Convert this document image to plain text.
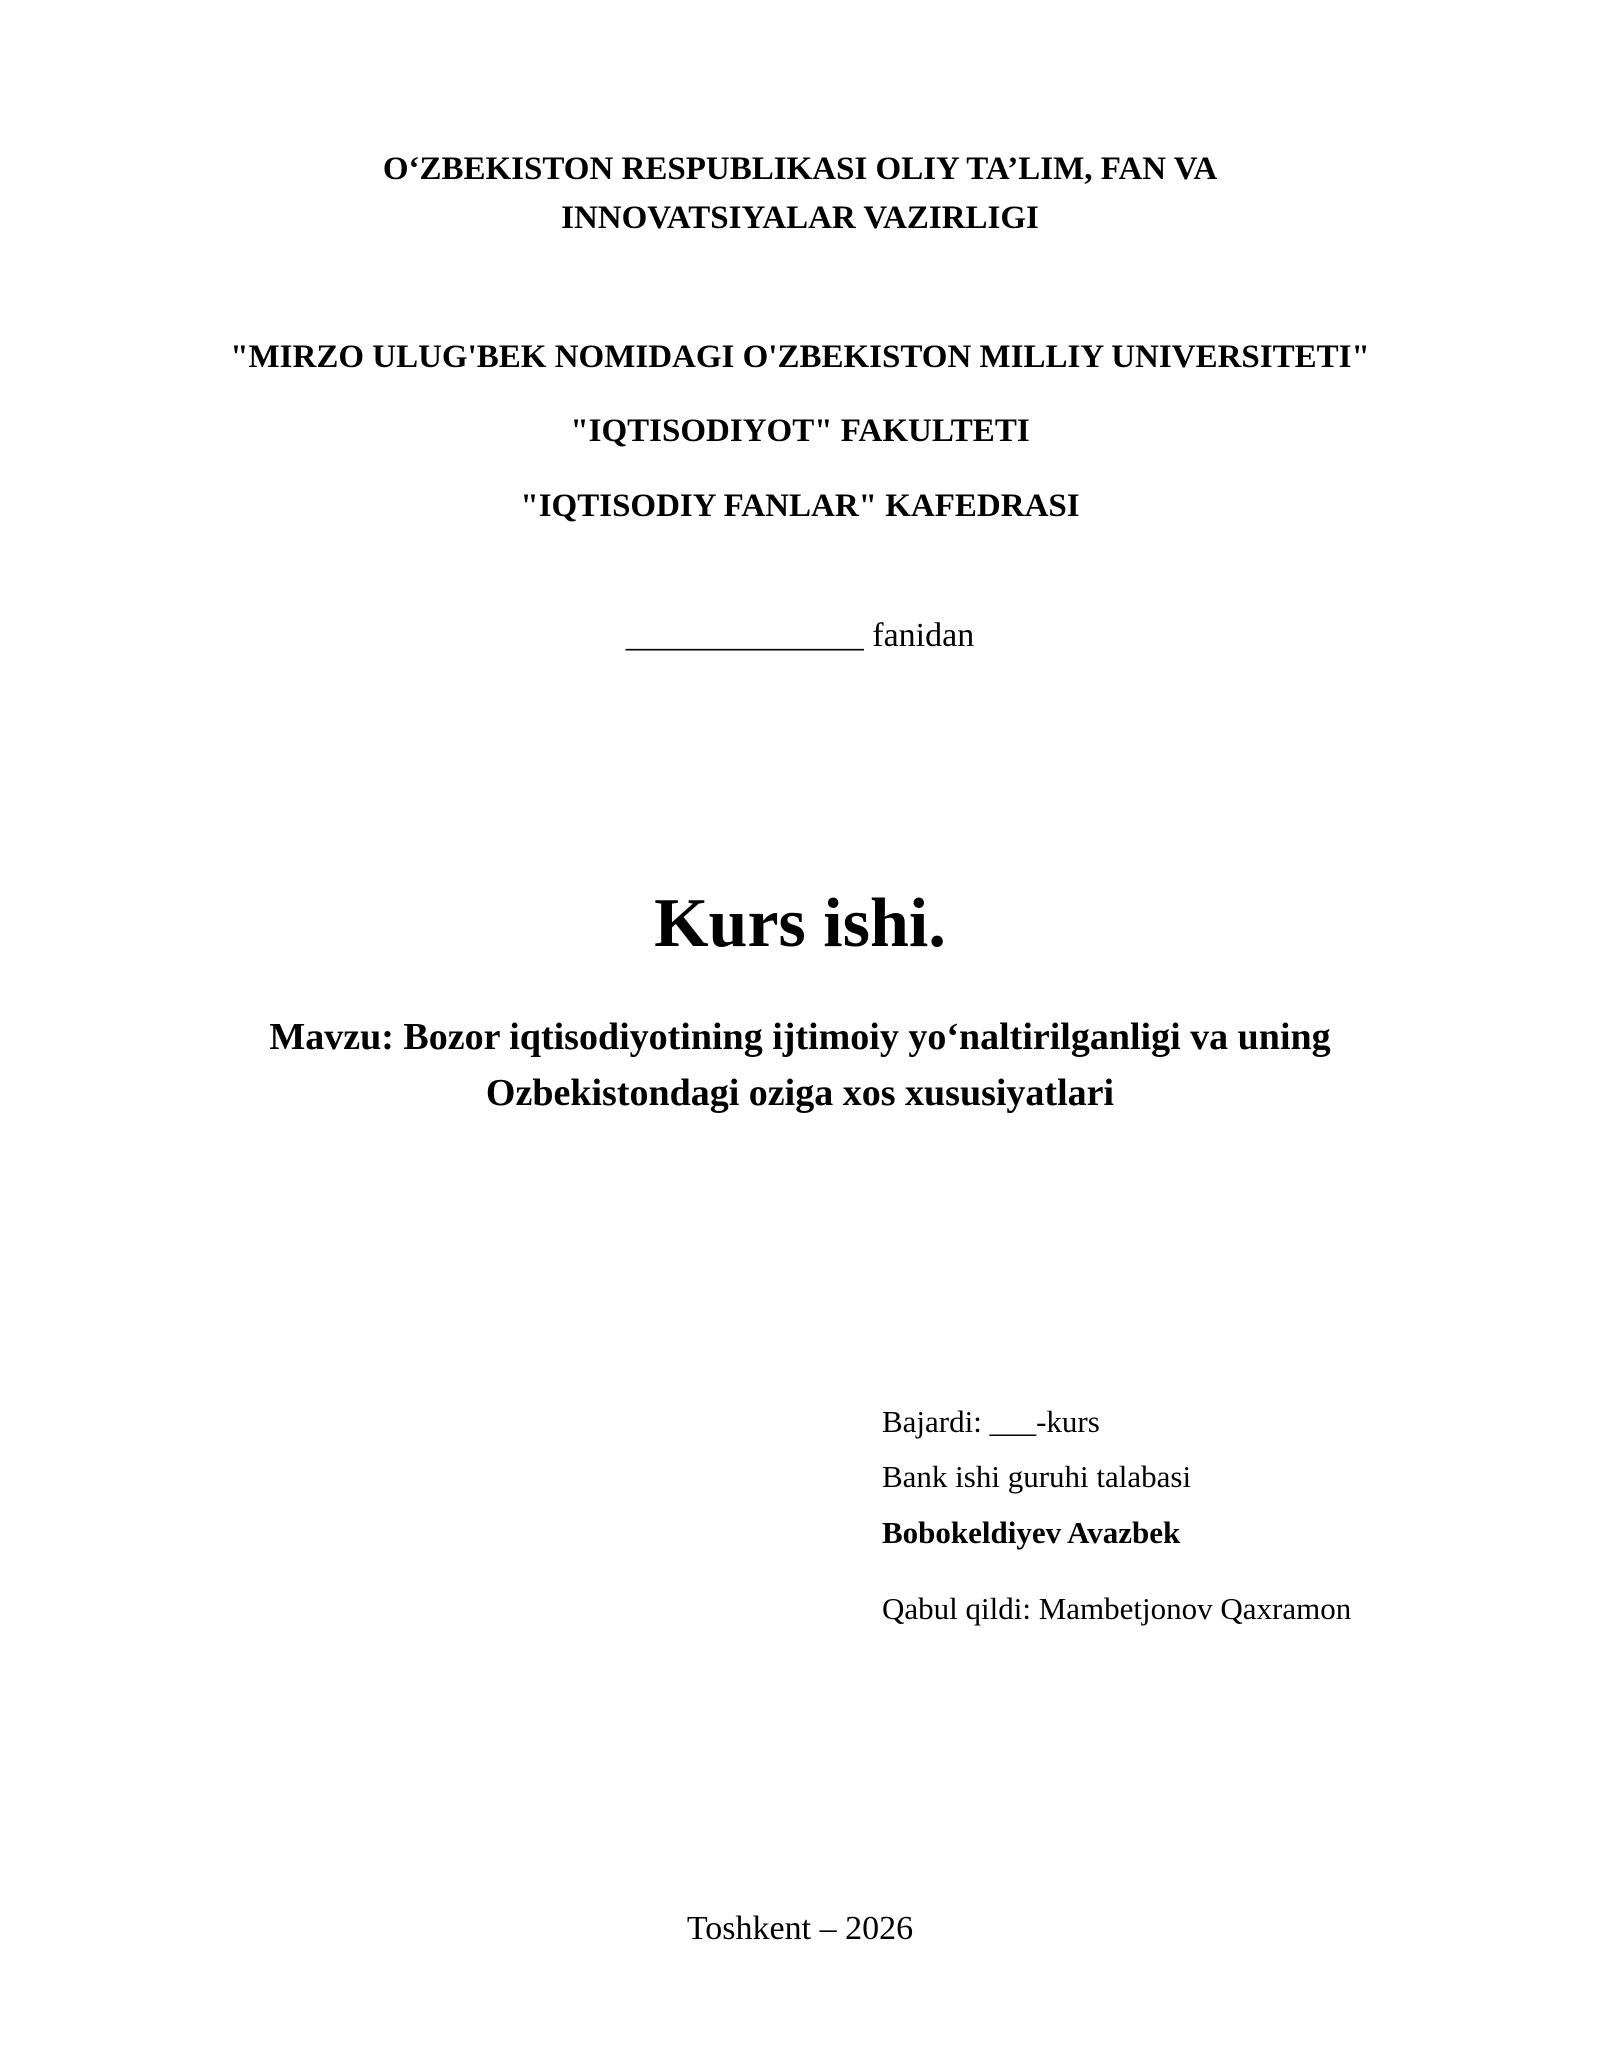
O‘ZBEKISTON RESPUBLIKASI OLIY TA’LIM, FAN VA
INNOVATSIYALAR VAZIRLIGI
"MIRZO ULUG'BEK NOMIDAGI O'ZBEKISTON MILLIY UNIVERSITETI"
"IQTISODIYOT" FAKULTETI
"IQTISODIY FANLAR" KAFEDRASI
______________ fanidan
Kurs ishi.
Mavzu: Bozor iqtisodiyotining ijtimoiy yo‘naltirilganligi va uning
Ozbekistondagi oziga xos xususiyatlari
Bajardi: ___-kurs
Bank ishi guruhi talabasi
Bobokeldiyev Avazbek
Qabul qildi: Mambetjonov Qaxramon
Toshkent – 2026
